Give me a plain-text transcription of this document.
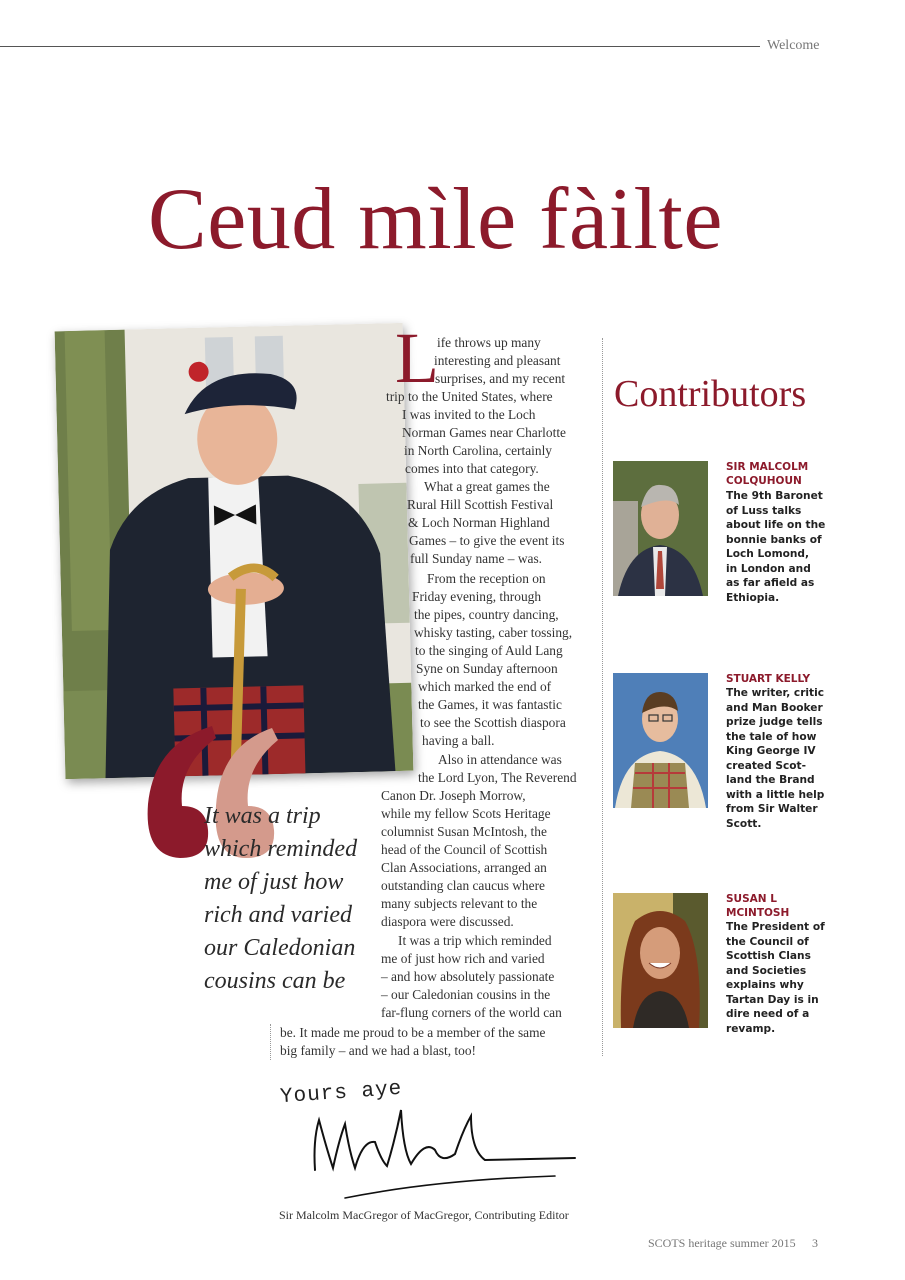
Welcome
Ceud mìle fàilte

It was a trip which reminded me of just how rich and varied our Caledonian cousins can be

L
ife throws up many
interesting and pleasant
surprises, and my recent
trip to the United States, where
I was invited to the Loch
Norman Games near Charlotte
in North Carolina, certainly
comes into that category.
What a great games the
Rural Hill Scottish Festival
& Loch Norman Highland
Games – to give the event its
full Sunday name – was.
From the reception on
Friday evening, through
the pipes, country dancing,
whisky tasting, caber tossing,
to the singing of Auld Lang
Syne on Sunday afternoon
which marked the end of
the Games, it was fantastic
to see the Scottish diaspora
having a ball.
Also in attendance was
the Lord Lyon, The Reverend
Canon Dr. Joseph Morrow,
while my fellow Scots Heritage
columnist Susan McIntosh, the
head of the Council of Scottish
Clan Associations, arranged an
outstanding clan caucus where
many subjects relevant to the
diaspora were discussed.
It was a trip which reminded
me of just how rich and varied
– and how absolutely passionate
– our Caledonian cousins in the
far-flung corners of the world can
be. It made me proud to be a member of the same
big family – and we had a blast, too!
Yours aye
Sir Malcolm MacGregor of MacGregor, Contributing Editor
SCOTS heritage summer 2015 3
Contributors
SIR MALCOLM
COLQUHOUN
The 9th Baronet
of Luss talks
about life on the
bonnie banks of
Loch Lomond,
in London and
as far afield as
Ethiopia.
STUART KELLY
The writer, critic
and Man Booker
prize judge tells
the tale of how
King George IV
created Scot-
land the Brand
with a little help
from Sir Walter
Scott.
SUSAN L
MCINTOSH
The President of
the Council of
Scottish Clans
and Societies
explains why
Tartan Day is in
dire need of a
revamp.
